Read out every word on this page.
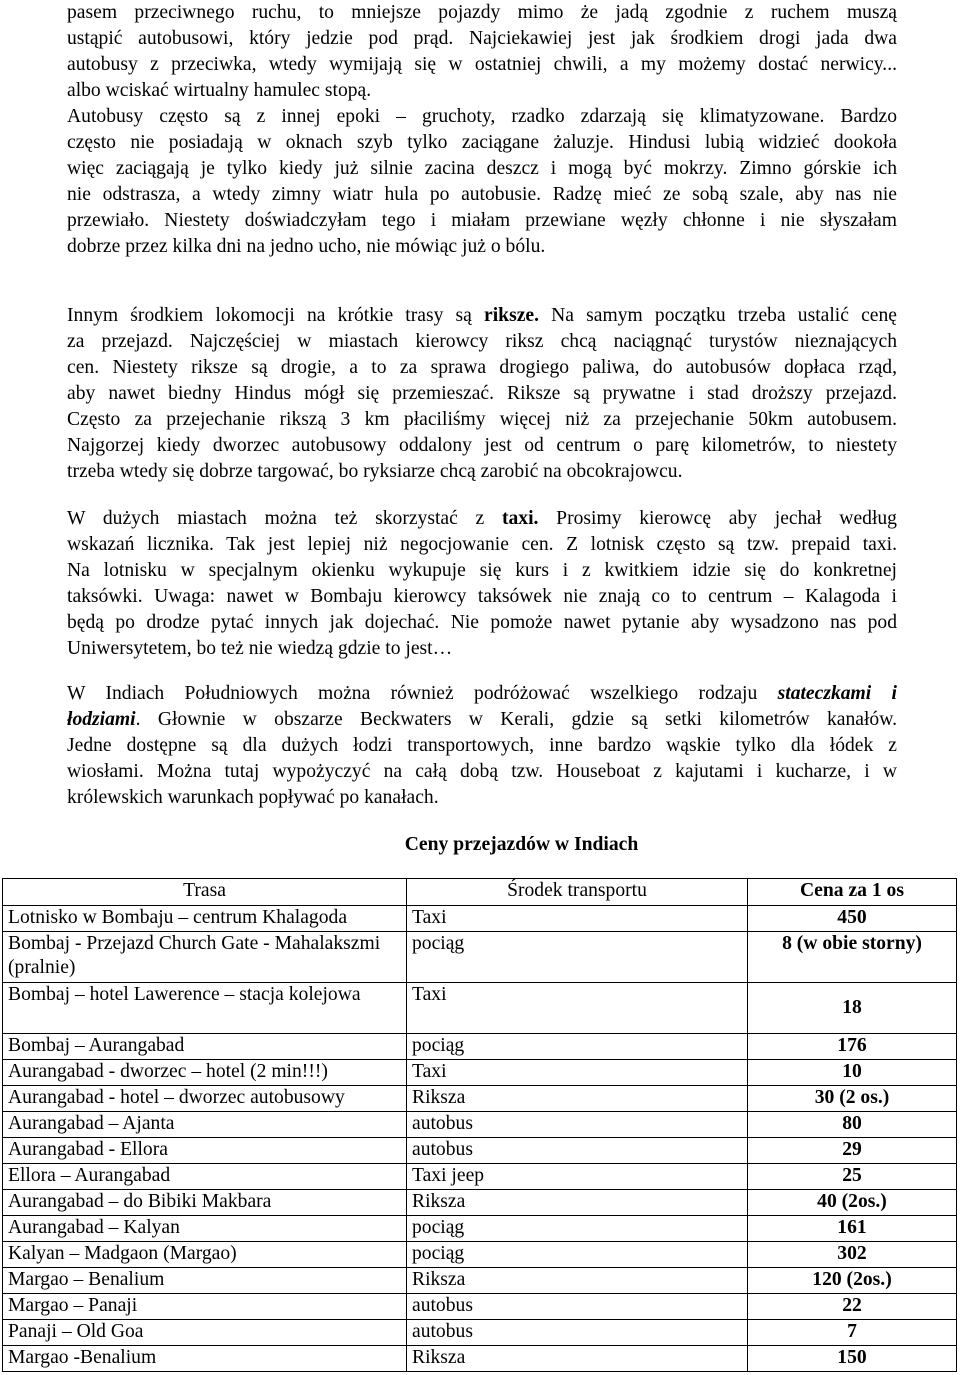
pasem przeciwnego ruchu, to mniejsze pojazdy mimo że jadą zgodnie z ruchem muszą
ustąpić autobusowi, który jedzie pod prąd. Najciekawiej jest jak środkiem drogi jada dwa
autobusy z przeciwka, wtedy wymijają się w ostatniej chwili, a my możemy dostać nerwicy...
albo wciskać wirtualny hamulec stopą.
Autobusy często są z innej epoki – gruchoty, rzadko zdarzają się klimatyzowane. Bardzo
często nie posiadają w oknach szyb tylko zaciągane żaluzje. Hindusi lubią widzieć dookoła
więc zaciągają je tylko kiedy już silnie zacina deszcz i mogą być mokrzy. Zimno górskie ich
nie odstrasza, a wtedy zimny wiatr hula po autobusie. Radzę mieć ze sobą szale, aby nas nie
przewiało. Niestety doświadczyłam tego i miałam przewiane węzły chłonne i nie słyszałam
dobrze przez kilka dni na jedno ucho, nie mówiąc już o bólu.
Innym środkiem lokomocji na krótkie trasy są riksze. Na samym początku trzeba ustalić cenę
za przejazd. Najczęściej w miastach kierowcy riksz chcą naciągnąć turystów nieznających
cen. Niestety riksze są drogie, a to za sprawa drogiego paliwa, do autobusów dopłaca rząd,
aby nawet biedny Hindus mógł się przemieszać. Riksze są prywatne i stad droższy przejazd.
Często za przejechanie rikszą 3 km płaciliśmy więcej niż za przejechanie 50km autobusem.
Najgorzej kiedy dworzec autobusowy oddalony jest od centrum o parę kilometrów, to niestety
trzeba wtedy się dobrze targować, bo ryksiarze chcą zarobić na obcokrajowcu.
W dużych miastach można też skorzystać z taxi. Prosimy kierowcę aby jechał według
wskazań licznika. Tak jest lepiej niż negocjowanie cen. Z lotnisk często są tzw. prepaid taxi.
Na lotnisku w specjalnym okienku wykupuje się kurs i z kwitkiem idzie się do konkretnej
taksówki. Uwaga: nawet w Bombaju kierowcy taksówek nie znają co to centrum – Kalagoda i
będą po drodze pytać innych jak dojechać. Nie pomoże nawet pytanie aby wysadzono nas pod
Uniwersytetem, bo też nie wiedzą gdzie to jest…
W Indiach Południowych można również podróżować wszelkiego rodzaju stateczkami i
łodziami. Głownie w obszarze Beckwaters w Kerali, gdzie są setki kilometrów kanałów.
Jedne dostępne są dla dużych łodzi transportowych, inne bardzo wąskie tylko dla łódek z
wiosłami. Można tutaj wypożyczyć na całą dobą tzw. Houseboat z kajutami i kucharze, i w
królewskich warunkach popływać po kanałach.
Ceny przejazdów w Indiach
Trasa	Środek transportu	Cena za 1 os
Lotnisko w Bombaju – centrum Khalagoda	Taxi	450
Bombaj - Przejazd Church Gate - Mahalakszmi (pralnie)	pociąg	8 (w obie storny)
Bombaj – hotel Lawerence – stacja kolejowa	Taxi	18
Bombaj – Aurangabad	pociąg	176
Aurangabad - dworzec – hotel (2 min!!!)	Taxi	10
Aurangabad - hotel – dworzec autobusowy	Riksza	30 (2 os.)
Aurangabad – Ajanta	autobus	80
Aurangabad - Ellora	autobus	29
Ellora – Aurangabad	Taxi jeep	25
Aurangabad – do Bibiki Makbara	Riksza	40 (2os.)
Aurangabad – Kalyan	pociąg	161
Kalyan – Madgaon (Margao)	pociąg	302
Margao – Benalium	Riksza	120 (2os.)
Margao – Panaji	autobus	22
Panaji – Old Goa	autobus	7
Margao -Benalium	Riksza	150
